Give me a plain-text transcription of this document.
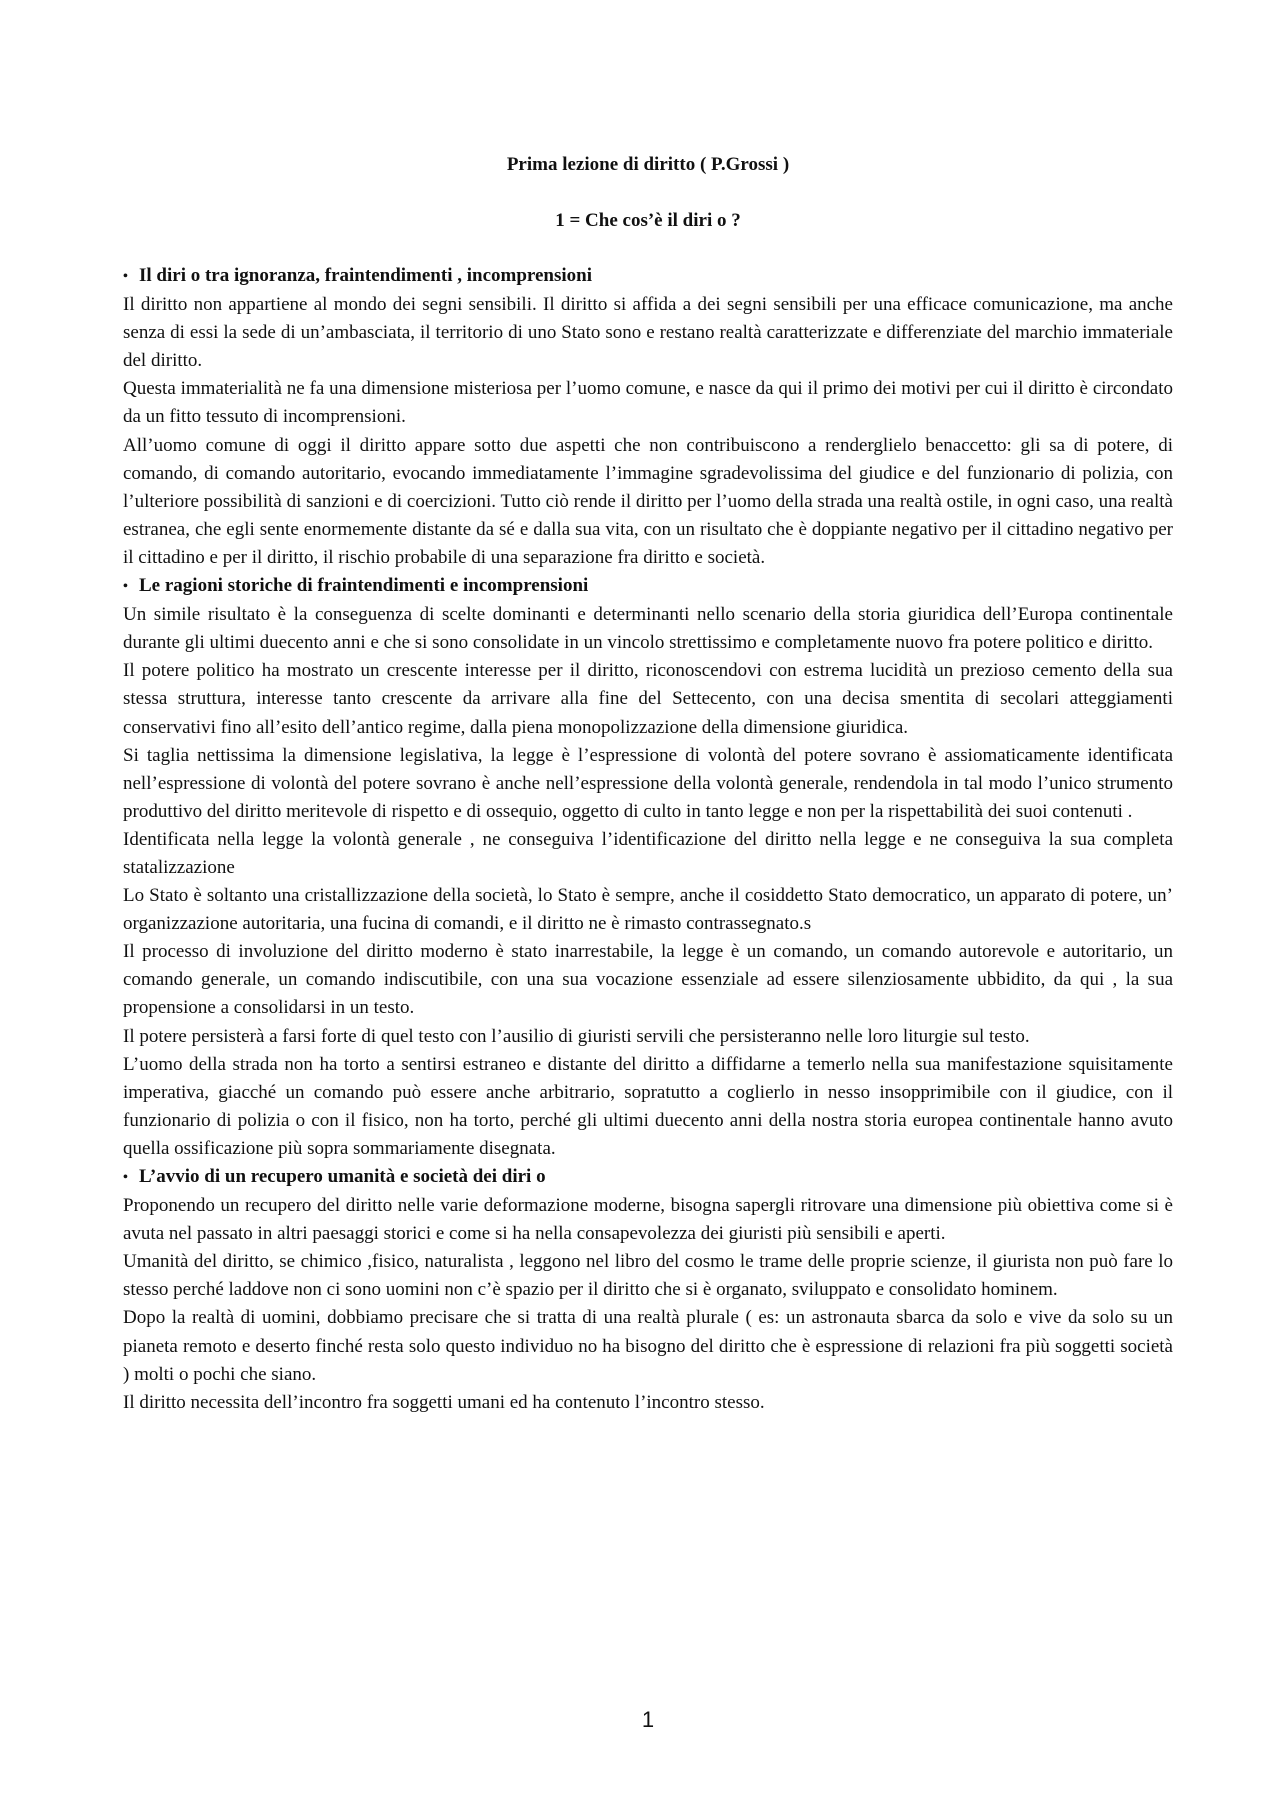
Prima lezione di diritto ( P.Grossi )
1 = Che cos’è il diri o ?
• Il diri o tra ignoranza, fraintendimenti , incomprensioni

Il diritto non appartiene al mondo dei segni sensibili. Il diritto si affida a dei segni sensibili per una efficace comunicazione, ma anche senza di essi la sede di un’ambasciata, il territorio di uno Stato sono e restano realtà caratterizzate e differenziate del marchio immateriale del diritto.

Questa immaterialità ne fa una dimensione misteriosa per l’uomo comune, e nasce da qui il primo dei motivi per cui il diritto è circondato da un fitto tessuto di incomprensioni.

All’uomo comune di oggi il diritto appare sotto due aspetti che non contribuiscono a renderglielo benaccetto: gli sa di potere, di comando, di comando autoritario, evocando immediatamente l’immagine sgradevolissima del giudice e del funzionario di polizia, con l’ulteriore possibilità di sanzioni e di coercizioni. Tutto ciò rende il diritto per l’uomo della strada una realtà ostile, in ogni caso, una realtà estranea, che egli sente enormemente distante da sé e dalla sua vita, con un risultato che è doppiante negativo per il cittadino negativo per il cittadino e per il diritto, il rischio probabile di una separazione fra diritto e società.

• Le ragioni storiche di fraintendimenti e incomprensioni

Un simile risultato è la conseguenza di scelte dominanti e determinanti nello scenario della storia giuridica dell’Europa continentale durante gli ultimi duecento anni e che si sono consolidate in un vincolo strettissimo e completamente nuovo fra potere politico e diritto.

Il potere politico ha mostrato un crescente interesse per il diritto, riconoscendovi con estrema lucidità un prezioso cemento della sua stessa struttura, interesse tanto crescente da arrivare alla fine del Settecento, con una decisa smentita di secolari atteggiamenti conservativi fino all’esito dell’antico regime, dalla piena monopolizzazione della dimensione giuridica.

Si taglia nettissima la dimensione legislativa, la legge è l’espressione di volontà del potere sovrano è assiomaticamente identificata nell’espressione di volontà del potere sovrano è anche nell’espressione della volontà generale, rendendola in tal modo l’unico strumento produttivo del diritto meritevole di rispetto e di ossequio, oggetto di culto in tanto legge e non per la rispettabilità dei suoi contenuti .

Identificata nella legge la volontà generale , ne conseguiva l’identificazione del diritto nella legge e ne conseguiva la sua completa statalizzazione

Lo Stato è soltanto una cristallizzazione della società, lo Stato è sempre, anche il cosiddetto Stato democratico, un apparato di potere, un’ organizzazione autoritaria, una fucina di comandi, e il diritto ne è rimasto contrassegnato.s

Il processo di involuzione del diritto moderno è stato inarrestabile, la legge è un comando, un comando autorevole e autoritario, un comando generale, un comando indiscutibile, con una sua vocazione essenziale ad essere silenziosamente ubbidito, da qui , la sua propensione a consolidarsi in un testo.

Il potere persisterà a farsi forte di quel testo con l’ausilio di giuristi servili che persisteranno nelle loro liturgie sul testo.

L’uomo della strada non ha torto a sentirsi estraneo e distante del diritto a diffidarne a temerlo nella sua manifestazione squisitamente imperativa, giacché un comando può essere anche arbitrario, sopratutto a coglierlo in nesso insopprimibile con il giudice, con il funzionario di polizia o con il fisico, non ha torto, perché gli ultimi duecento anni della nostra storia europea continentale hanno avuto quella ossificazione più sopra sommariamente disegnata.

• L’avvio di un recupero umanità e società dei diri o

Proponendo un recupero del diritto nelle varie deformazione moderne, bisogna sapergli ritrovare una dimensione più obiettiva come si è avuta nel passato in altri paesaggi storici e come si ha nella consapevolezza dei giuristi più sensibili e aperti.

Umanità del diritto, se chimico ,fisico, naturalista , leggono nel libro del cosmo le trame delle proprie scienze, il giurista non può fare lo stesso perché laddove non ci sono uomini non c’è spazio per il diritto che si è organato, sviluppato e consolidato hominem.

Dopo la realtà di uomini, dobbiamo precisare che si tratta di una realtà plurale ( es: un astronauta sbarca da solo e vive da solo su un pianeta remoto e deserto finché resta solo questo individuo no ha bisogno del diritto che è espressione di relazioni fra più soggetti società ) molti o pochi che siano.

Il diritto necessita dell’incontro fra soggetti umani ed ha contenuto l’incontro stesso.

1
